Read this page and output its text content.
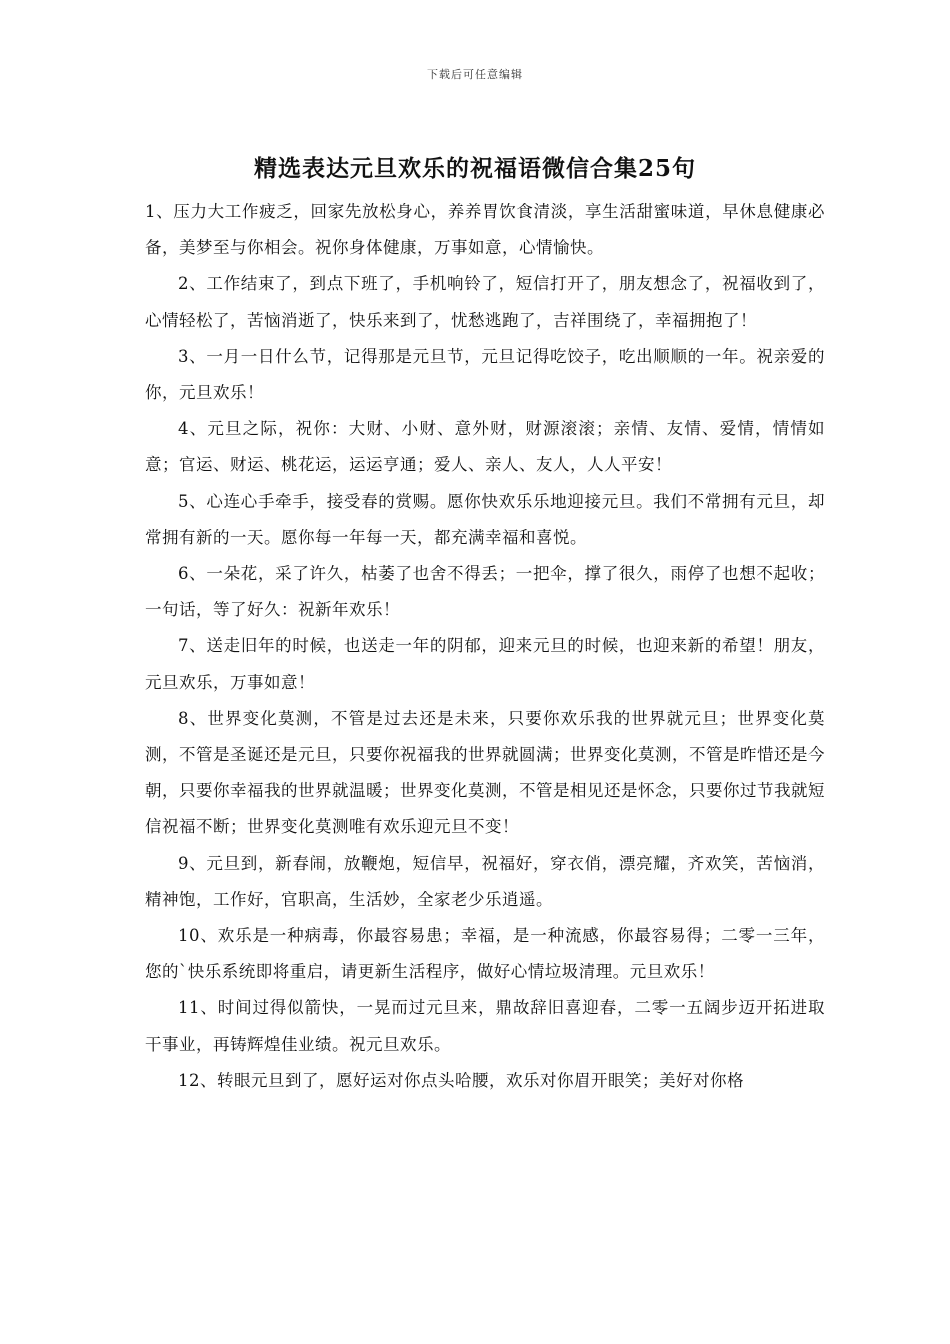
下载后可任意编辑
精选表达元旦欢乐的祝福语微信合集25句

1、压力大工作疲乏，回家先放松身心，养养胃饮食清淡，享生活甜蜜味道，早休息健康必备，美梦至与你相会。祝你身体健康，万事如意，心情愉快。

2、工作结束了，到点下班了，手机响铃了，短信打开了，朋友想念了，祝福收到了，心情轻松了，苦恼消逝了，快乐来到了，忧愁逃跑了，吉祥围绕了，幸福拥抱了！

3、一月一日什么节，记得那是元旦节，元旦记得吃饺子，吃出顺顺的一年。祝亲爱的你，元旦欢乐！

4、元旦之际，祝你：大财、小财、意外财，财源滚滚；亲情、友情、爱情，情情如意；官运、财运、桃花运，运运亨通；爱人、亲人、友人，人人平安！

5、心连心手牵手，接受春的赏赐。愿你快欢乐乐地迎接元旦。我们不常拥有元旦，却常拥有新的一天。愿你每一年每一天，都充满幸福和喜悦。

6、一朵花，采了许久，枯萎了也舍不得丢；一把伞，撑了很久，雨停了也想不起收；一句话，等了好久：祝新年欢乐！

7、送走旧年的时候，也送走一年的阴郁，迎来元旦的时候，也迎来新的希望！朋友，元旦欢乐，万事如意！

8、世界变化莫测，不管是过去还是未来，只要你欢乐我的世界就元旦；世界变化莫测，不管是圣诞还是元旦，只要你祝福我的世界就圆满；世界变化莫测，不管是昨惜还是今朝，只要你幸福我的世界就温暖；世界变化莫测，不管是相见还是怀念，只要你过节我就短信祝福不断；世界变化莫测唯有欢乐迎元旦不变！

9、元旦到，新春闹，放鞭炮，短信早，祝福好，穿衣俏，漂亮耀，齐欢笑，苦恼消，精神饱，工作好，官职高，生活妙，全家老少乐逍遥。

10、欢乐是一种病毒，你最容易患；幸福，是一种流感，你最容易得；二零一三年，您的`快乐系统即将重启，请更新生活程序，做好心情垃圾清理。元旦欢乐！

11、时间过得似箭快，一晃而过元旦来，鼎故辞旧喜迎春，二零一五阔步迈开拓进取干事业，再铸辉煌佳业绩。祝元旦欢乐。

12、转眼元旦到了，愿好运对你点头哈腰，欢乐对你眉开眼笑；美好对你格
